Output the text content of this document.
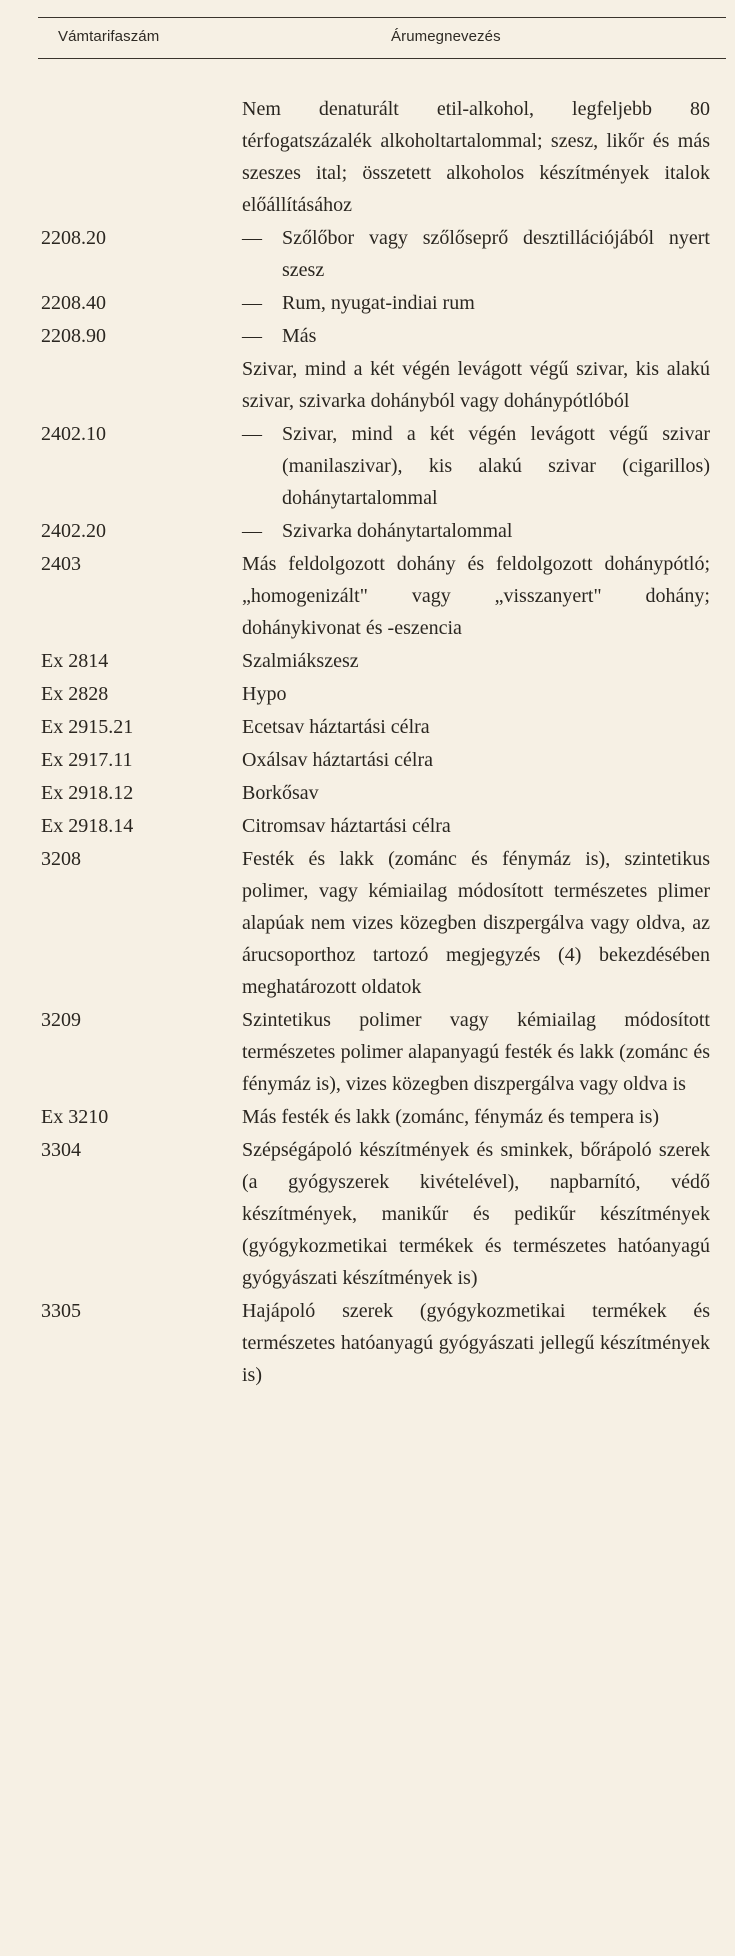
Vámtarifaszám	Árumegnevezés
Nem denaturált etil-alkohol, legfeljebb 80 térfogatszázalék alkoholtartalommal; szesz, likőr és más szeszes ital; összetett alkoholos készítmények italok előállításához
2208.20	— Szőlőbor vagy szőlőseprő desztillációjából nyert szesz
2208.40	— Rum, nyugat-indiai rum
2208.90	— Más
Szivar, mind a két végén levágott végű szivar, kis alakú szivar, szivarka dohányból vagy dohánypótlóból
2402.10	— Szivar, mind a két végén levágott végű szivar (manilaszivar), kis alakú szivar (cigarillos) dohánytartalommal
2402.20	— Szivarka dohánytartalommal
2403	Más feldolgozott dohány és feldolgozott dohánypótló; „homogenizált" vagy „visszanyert" dohány; dohánykivonat és -eszencia
Ex 2814	Szalmiákszesz
Ex 2828	Hypo
Ex 2915.21	Ecetsav háztartási célra
Ex 2917.11	Oxálsav háztartási célra
Ex 2918.12	Borkősav
Ex 2918.14	Citromsav háztartási célra
3208	Festék és lakk (zománc és fénymáz is), szintetikus polimer, vagy kémiailag módosított természetes plimer alapúak nem vizes közegben diszpergálva vagy oldva, az árucsoporthoz tartozó megjegyzés (4) bekezdésében meghatározott oldatok
3209	Szintetikus polimer vagy kémiailag módosított természetes polimer alapanyagú festék és lakk (zománc és fénymáz is), vizes közegben diszpergálva vagy oldva is
Ex 3210	Más festék és lakk (zománc, fénymáz és tempera is)
3304	Szépségápoló készítmények és sminkek, bőrápoló szerek (a gyógyszerek kivételével), napbarnító, védő készítmények, manikűr és pedikűr készítmények (gyógykozmetikai termékek és természetes hatóanyagú gyógyászati készítmények is)
3305	Hajápoló szerek (gyógykozmetikai termékek és természetes hatóanyagú gyógyászati jellegű készítmények is)
